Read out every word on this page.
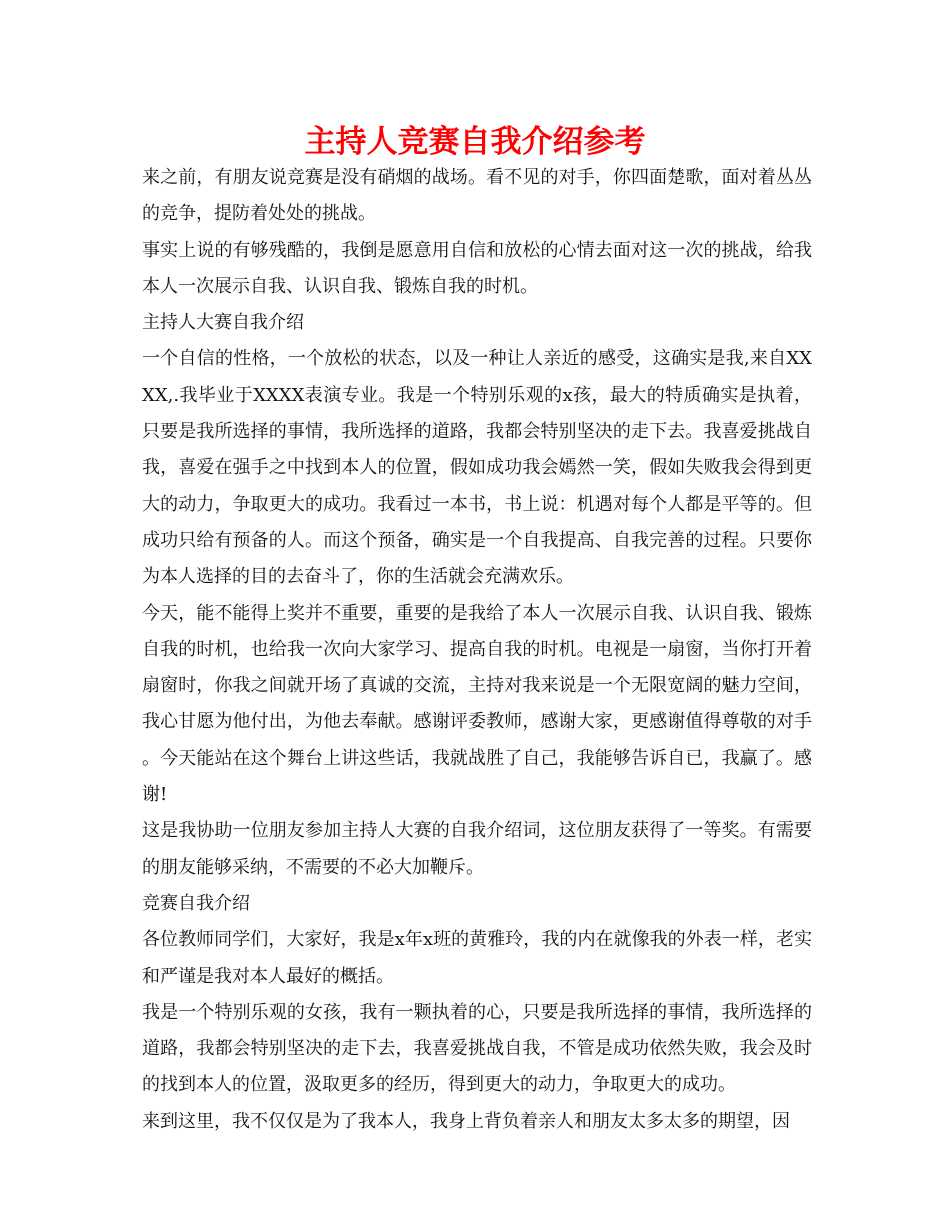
主持人竞赛自我介绍参考

来之前，有朋友说竞赛是没有硝烟的战场。看不见的对手，你四面楚歌，面对着丛丛的竞争，提防着处处的挑战。

事实上说的有够残酷的，我倒是愿意用自信和放松的心情去面对这一次的挑战，给我本人一次展示自我、认识自我、锻炼自我的时机。

主持人大赛自我介绍

一个自信的性格，一个放松的状态，以及一种让人亲近的感受，这确实是我,来自XXXX,.我毕业于XXXX表演专业。我是一个特别乐观的x孩，最大的特质确实是执着，只要是我所选择的事情，我所选择的道路，我都会特别坚决的走下去。我喜爱挑战自我，喜爱在强手之中找到本人的位置，假如成功我会嫣然一笑，假如失败我会得到更大的动力，争取更大的成功。我看过一本书，书上说：机遇对每个人都是平等的。但成功只给有预备的人。而这个预备，确实是一个自我提高、自我完善的过程。只要你为本人选择的目的去奋斗了，你的生活就会充满欢乐。

今天，能不能得上奖并不重要，重要的是我给了本人一次展示自我、认识自我、锻炼自我的时机，也给我一次向大家学习、提高自我的时机。电视是一扇窗，当你打开着扇窗时，你我之间就开场了真诚的交流，主持对我来说是一个无限宽阔的魅力空间，我心甘愿为他付出，为他去奉献。感谢评委教师，感谢大家，更感谢值得尊敬的对手。今天能站在这个舞台上讲这些话，我就战胜了自己，我能够告诉自已，我赢了。感谢!

这是我协助一位朋友参加主持人大赛的自我介绍词，这位朋友获得了一等奖。有需要的朋友能够采纳，不需要的不必大加鞭斥。

竞赛自我介绍

各位教师同学们，大家好，我是x年x班的黄雅玲，我的内在就像我的外表一样，老实和严谨是我对本人最好的概括。

我是一个特别乐观的女孩，我有一颗执着的心，只要是我所选择的事情，我所选择的道路，我都会特别坚决的走下去，我喜爱挑战自我，不管是成功依然失败，我会及时的找到本人的位置，汲取更多的经历，得到更大的动力，争取更大的成功。

来到这里，我不仅仅是为了我本人，我身上背负着亲人和朋友太多太多的期望，因
